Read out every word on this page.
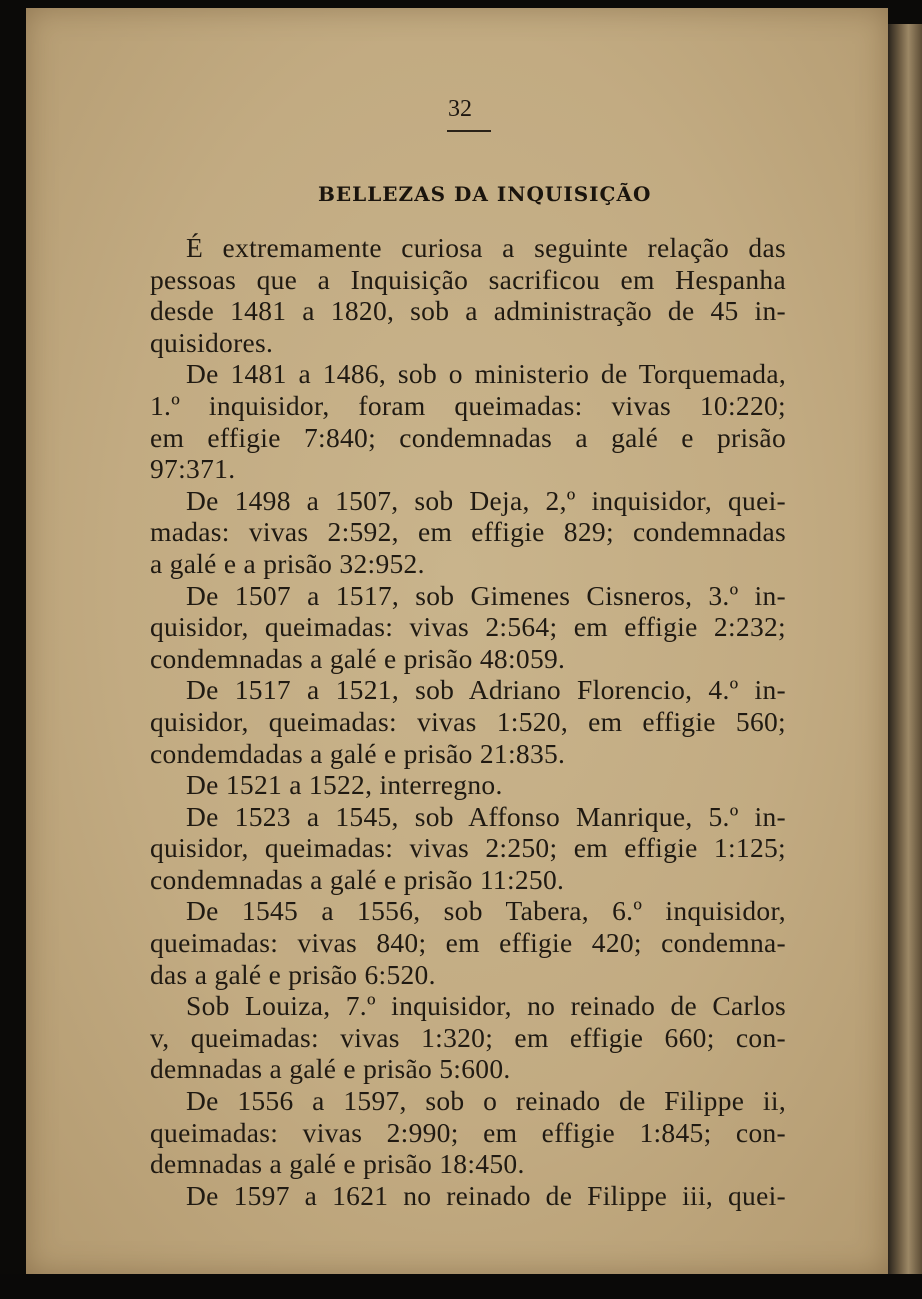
32
BELLEZAS DA INQUISIÇÃO
É extremamente curiosa a seguinte relação das
pessoas que a Inquisição sacrificou em Hespanha
desde 1481 a 1820, sob a administração de 45 in-
quisidores.
De 1481 a 1486, sob o ministerio de Torquemada,
1.º inquisidor, foram queimadas: vivas 10:220;
em effigie 7:840; condemnadas a galé e prisão
97:371.
De 1498 a 1507, sob Deja, 2,º inquisidor, quei-
madas: vivas 2:592, em effigie 829; condemnadas
a galé e a prisão 32:952.
De 1507 a 1517, sob Gimenes Cisneros, 3.º in-
quisidor, queimadas: vivas 2:564; em effigie 2:232;
condemnadas a galé e prisão 48:059.
De 1517 a 1521, sob Adriano Florencio, 4.º in-
quisidor, queimadas: vivas 1:520, em effigie 560;
condemdadas a galé e prisão 21:835.
De 1521 a 1522, interregno.
De 1523 a 1545, sob Affonso Manrique, 5.º in-
quisidor, queimadas: vivas 2:250; em effigie 1:125;
condemnadas a galé e prisão 11:250.
De 1545 a 1556, sob Tabera, 6.º inquisidor,
queimadas: vivas 840; em effigie 420; condemna-
das a galé e prisão 6:520.
Sob Louiza, 7.º inquisidor, no reinado de Carlos
v, queimadas: vivas 1:320; em effigie 660; con-
demnadas a galé e prisão 5:600.
De 1556 a 1597, sob o reinado de Filippe ii,
queimadas: vivas 2:990; em effigie 1:845; con-
demnadas a galé e prisão 18:450.
De 1597 a 1621 no reinado de Filippe iii, quei-
